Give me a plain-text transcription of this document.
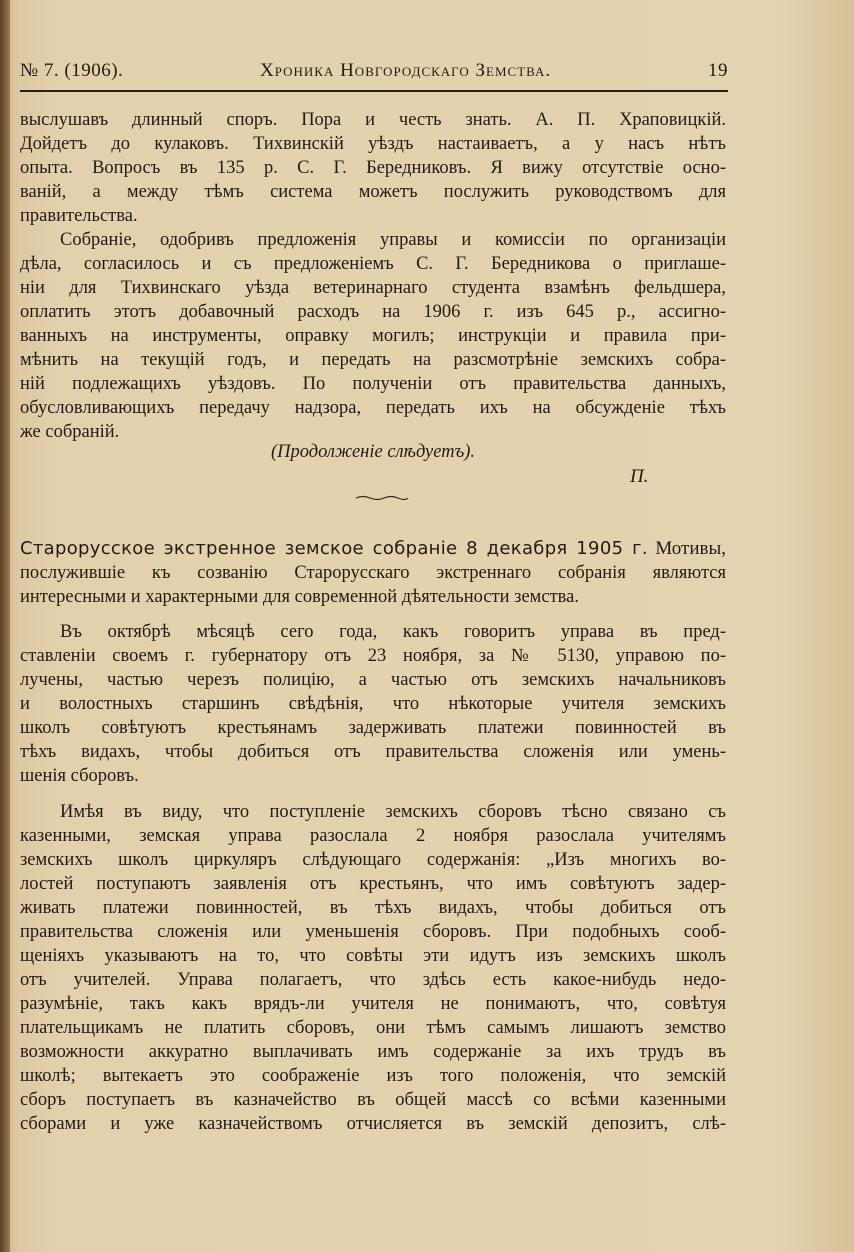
№ 7. (1906).	Хроника Новгородскаго Земства.	19
выслушавъ длинный споръ. Пора и честь знать. А. П. Храповицкій.
Дойдетъ до кулаковъ. Тихвинскій уѣздъ настаиваетъ, а у насъ нѣтъ
опыта. Вопросъ въ 135 р. С. Г. Бередниковъ. Я вижу отсутствіе осно-
ваній, а между тѣмъ система можетъ послужить руководствомъ для
правительства.
Собраніе, одобривъ предложенія управы и комиссіи по организаціи
дѣла, согласилось и съ предложеніемъ С. Г. Бередникова о приглаше-
ніи для Тихвинскаго уѣзда ветеринарнаго студента взамѣнъ фельдшера,
оплатить этотъ добавочный расходъ на 1906 г. изъ 645 р., ассигно-
ванныхъ на инструменты, оправку могилъ; инструкціи и правила при-
мѣнить на текущій годъ, и передать на разсмотрѣніе земскихъ собра-
ній подлежащихъ уѣздовъ. По полученіи отъ правительства данныхъ,
обусловливающихъ передачу надзора, передать ихъ на обсужденіе тѣхъ
же собраній.
(Продолженіе слѣдуетъ).
П.
Старорусское экстренное земское собраніе 8 декабря 1905 г. Мотивы,
послужившіе къ созванію Старорусскаго экстреннаго собранія являются
интересными и характерными для современной дѣятельности земства.
Въ октябрѣ мѣсяцѣ сего года, какъ говоритъ управа въ пред-
ставленіи своемъ г. губернатору отъ 23 ноября, за № 5130, управою по-
лучены, частью черезъ полицію, а частью отъ земскихъ начальниковъ
и волостныхъ старшинъ свѣдѣнія, что нѣкоторые учителя земскихъ
школъ совѣтуютъ крестьянамъ задерживать платежи повинностей въ
тѣхъ видахъ, чтобы добиться отъ правительства сложенія или умень-
шенія сборовъ.
Имѣя въ виду, что поступленіе земскихъ сборовъ тѣсно связано съ
казенными, земская управа разослала 2 ноября разослала учителямъ
земскихъ школъ циркуляръ слѣдующаго содержанія: „Изъ многихъ во-
лостей поступаютъ заявленія отъ крестьянъ, что имъ совѣтуютъ задер-
живать платежи повинностей, въ тѣхъ видахъ, чтобы добиться отъ
правительства сложенія или уменьшенія сборовъ. При подобныхъ сооб-
щеніяхъ указываютъ на то, что совѣты эти идутъ изъ земскихъ школъ
отъ учителей. Управа полагаетъ, что здѣсь есть какое-нибудь недо-
разумѣніе, такъ какъ врядъ-ли учителя не понимаютъ, что, совѣтуя
плательщикамъ не платить сборовъ, они тѣмъ самымъ лишаютъ земство
возможности аккуратно выплачивать имъ содержаніе за ихъ трудъ въ
школѣ; вытекаетъ это соображеніе изъ того положенія, что земскій
сборъ поступаетъ въ казначейство въ общей массѣ со всѣми казенными
сборами и уже казначействомъ отчисляется въ земскій депозитъ, слѣ-
